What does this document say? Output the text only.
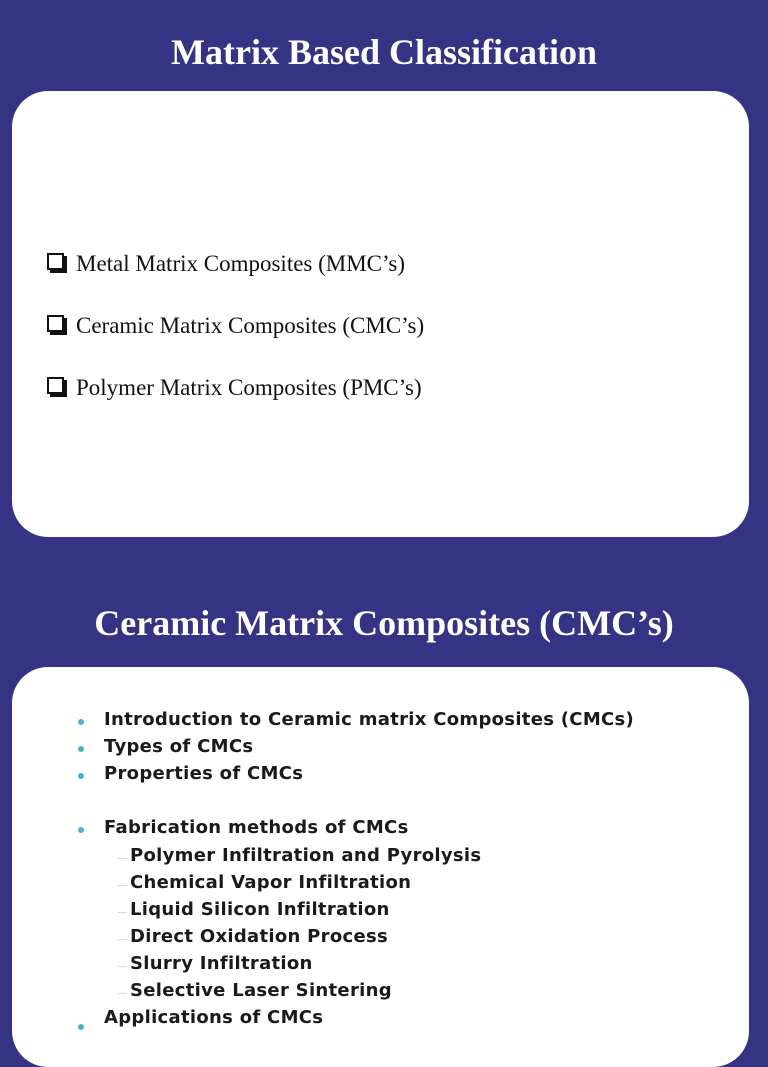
Matrix Based Classification
Metal Matrix Composites (MMC’s)
Ceramic Matrix Composites (CMC’s)
Polymer Matrix Composites (PMC’s)
Ceramic Matrix Composites (CMC’s)
Introduction to Ceramic matrix Composites (CMCs)
Types of CMCs
Properties of CMCs
Fabrication methods of CMCs
Polymer Infiltration and Pyrolysis
Chemical Vapor Infiltration
Liquid Silicon Infiltration
Direct Oxidation Process
Slurry Infiltration
Selective Laser Sintering
Applications of CMCs
